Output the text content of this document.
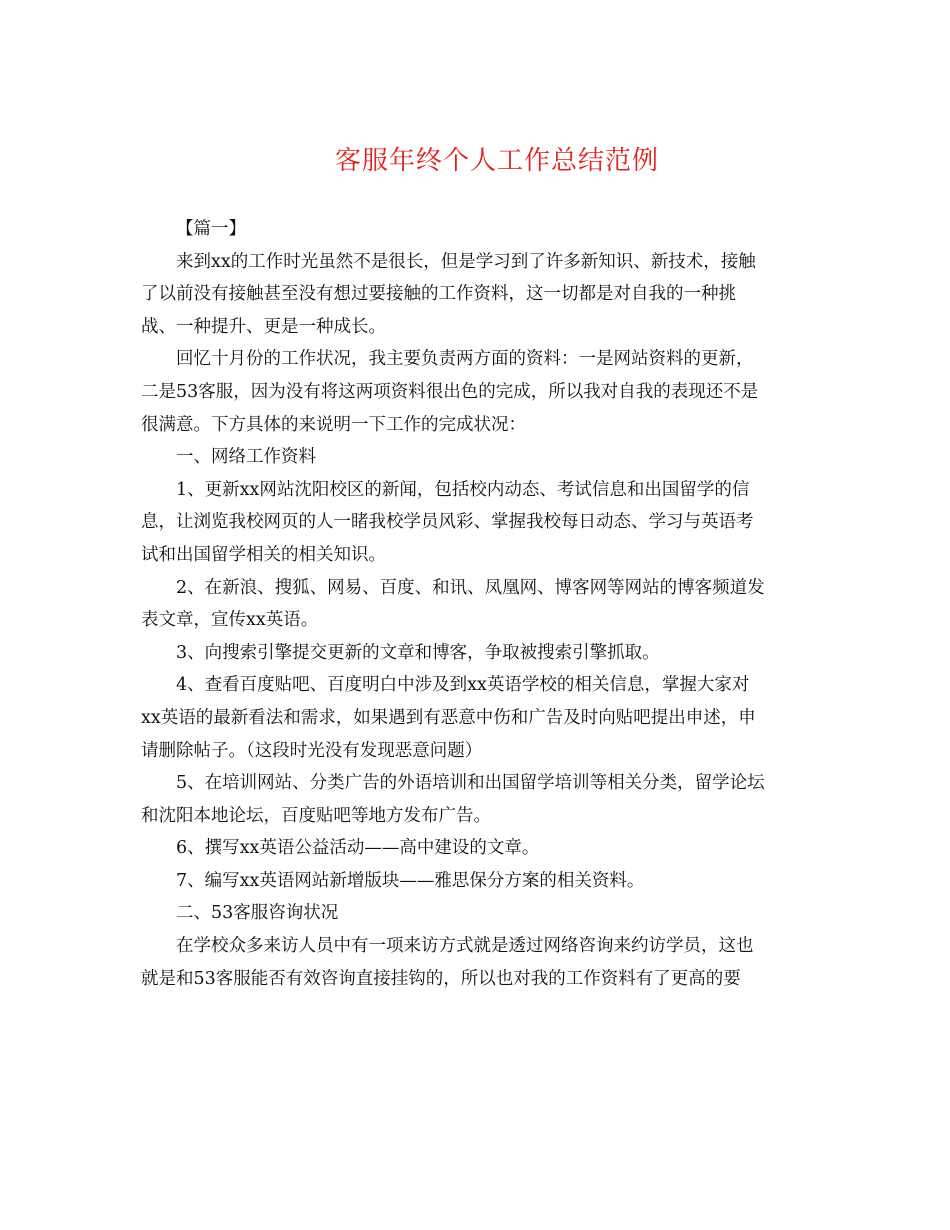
客服年终个人工作总结范例
【篇一】
来到xx的工作时光虽然不是很长，但是学习到了许多新知识、新技术，接触
了以前没有接触甚至没有想过要接触的工作资料，这一切都是对自我的一种挑
战、一种提升、更是一种成长。
回忆十月份的工作状况，我主要负责两方面的资料：一是网站资料的更新，
二是53客服，因为没有将这两项资料很出色的完成，所以我对自我的表现还不是
很满意。下方具体的来说明一下工作的完成状况：
一、网络工作资料
1、更新xx网站沈阳校区的新闻，包括校内动态、考试信息和出国留学的信
息，让浏览我校网页的人一睹我校学员风彩、掌握我校每日动态、学习与英语考
试和出国留学相关的相关知识。
2、在新浪、搜狐、网易、百度、和讯、凤凰网、博客网等网站的博客频道发
表文章，宣传xx英语。
3、向搜索引擎提交更新的文章和博客，争取被搜索引擎抓取。
4、查看百度贴吧、百度明白中涉及到xx英语学校的相关信息，掌握大家对
xx英语的最新看法和需求，如果遇到有恶意中伤和广告及时向贴吧提出申述，申
请删除帖子。（这段时光没有发现恶意问题）
5、在培训网站、分类广告的外语培训和出国留学培训等相关分类，留学论坛
和沈阳本地论坛，百度贴吧等地方发布广告。
6、撰写xx英语公益活动——高中建设的文章。
7、编写xx英语网站新增版块——雅思保分方案的相关资料。
二、53客服咨询状况
在学校众多来访人员中有一项来访方式就是透过网络咨询来约访学员，这也
就是和53客服能否有效咨询直接挂钩的，所以也对我的工作资料有了更高的要
